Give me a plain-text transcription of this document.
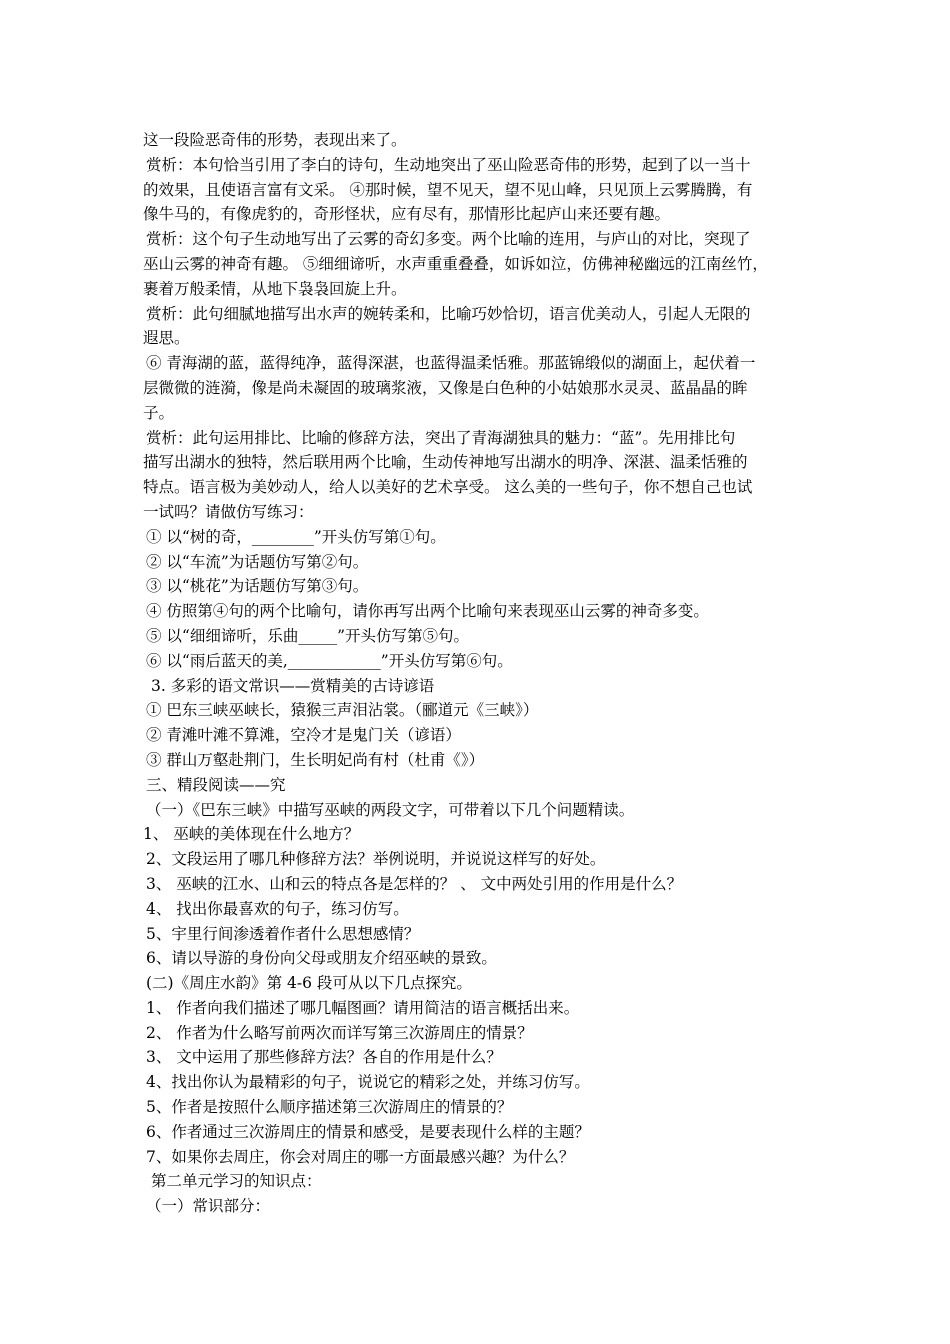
这一段险恶奇伟的形势，表现出来了。
赏析：本句恰当引用了李白的诗句，生动地突出了巫山险恶奇伟的形势，起到了以一当十
的效果，且使语言富有文采。 ④那时候，望不见天，望不见山峰，只见顶上云雾腾腾，有
像牛马的，有像虎豹的，奇形怪状，应有尽有，那情形比起庐山来还要有趣。
赏析：这个句子生动地写出了云雾的奇幻多变。两个比喻的连用，与庐山的对比，突现了
巫山云雾的神奇有趣。 ⑤细细谛听，水声重重叠叠，如诉如泣，仿佛神秘幽远的江南丝竹，
裹着万般柔情，从地下袅袅回旋上升。
赏析：此句细腻地描写出水声的婉转柔和，比喻巧妙恰切，语言优美动人，引起人无限的
遐思。
⑥ 青海湖的蓝，蓝得纯净，蓝得深湛，也蓝得温柔恬雅。那蓝锦缎似的湖面上，起伏着一
层微微的涟漪，像是尚未凝固的玻璃浆液，又像是白色种的小姑娘那水灵灵、蓝晶晶的眸
子。
赏析：此句运用排比、比喻的修辞方法，突出了青海湖独具的魅力：“蓝”。先用排比句
描写出湖水的独特，然后联用两个比喻，生动传神地写出湖水的明净、深湛、温柔恬雅的
特点。语言极为美妙动人，给人以美好的艺术享受。 这么美的一些句子，你不想自己也试
一试吗？请做仿写练习：
① 以“树的奇，________”开头仿写第①句。
② 以“车流”为话题仿写第②句。
③ 以“桃花”为话题仿写第③句。
④ 仿照第④句的两个比喻句，请你再写出两个比喻句来表现巫山云雾的神奇多变。
⑤ 以“细细谛听，乐曲_____”开头仿写第⑤句。
⑥ 以“雨后蓝天的美,____________”开头仿写第⑥句。
3. 多彩的语文常识——赏精美的古诗谚语
① 巴东三峡巫峡长，猿猴三声泪沾裳。（郦道元《三峡》）
② 青滩叶滩不算滩，空冷才是鬼门关（谚语）
③ 群山万壑赴荆门，生长明妃尚有村（杜甫《》）
三、精段阅读——究
（一）《巴东三峡》中描写巫峡的两段文字，可带着以下几个问题精读。
1、 巫峡的美体现在什么地方？
2、文段运用了哪几种修辞方法？举例说明，并说说这样写的好处。
3、 巫峡的江水、山和云的特点各是怎样的？ 、 文中两处引用的作用是什么？
4、 找出你最喜欢的句子，练习仿写。
5、宇里行间渗透着作者什么思想感情？
6、请以导游的身份向父母或朋友介绍巫峡的景致。
(二)《周庄水韵》第 4-6 段可从以下几点探究。
1、 作者向我们描述了哪几幅图画？请用简洁的语言概括出来。
2、 作者为什么略写前两次而详写第三次游周庄的情景？
3、 文中运用了那些修辞方法？各自的作用是什么？
4、找出你认为最精彩的句子，说说它的精彩之处，并练习仿写。
5、作者是按照什么顺序描述第三次游周庄的情景的？
6、作者通过三次游周庄的情景和感受，是要表现什么样的主题？
7、如果你去周庄，你会对周庄的哪一方面最感兴趣？为什么？
第二单元学习的知识点：
（一）常识部分：
